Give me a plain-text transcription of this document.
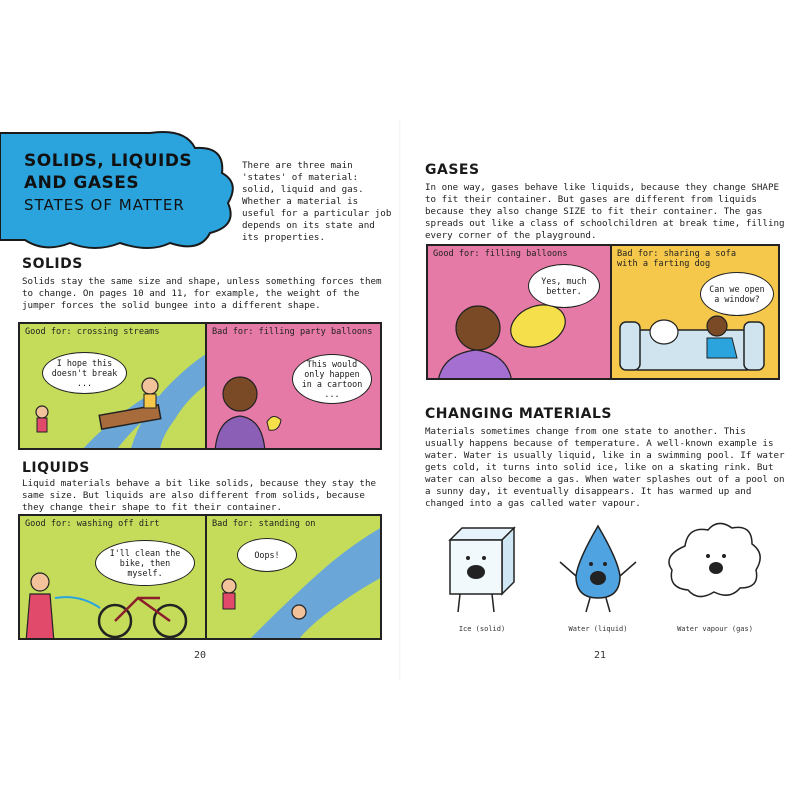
SOLIDS, LIQUIDS
AND GASES
STATES OF MATTER
There are three main 'states' of material: solid, liquid and gas. Whether a material is useful for a particular job depends on its state and its properties.
SOLIDS
Solids stay the same size and shape, unless something forces them to change. On pages 10 and 11, for example, the weight of the jumper forces the solid bungee into a different shape.
Good for: crossing streams
I hope this doesn't break ...
Bad for: filling party balloons
This would only happen in a cartoon ...
LIQUIDS
Liquid materials behave a bit like solids, because they stay the same size. But liquids are also different from solids, because they change their shape to fit their container.
Good for: washing off dirt
I'll clean the bike, then myself.
Bad for: standing on
Oops!
20
GASES
In one way, gases behave like liquids, because they change SHAPE to fit their container. But gases are different from liquids because they also change SIZE to fit their container. The gas spreads out like a class of schoolchildren at break time, filling every corner of the playground.
Good for: filling balloons
Yes, much better.
Bad for: sharing a sofa with a farting dog
Can we open a window?
CHANGING MATERIALS
Materials sometimes change from one state to another. This usually happens because of temperature. A well-known example is water. Water is usually liquid, like in a swimming pool. If water gets cold, it turns into solid ice, like on a skating rink. But water can also become a gas. When water splashes out of a pool on a sunny day, it eventually disappears. It has warmed up and changed into a gas called water vapour.
Ice (solid)	Water (liquid)	Water vapour (gas)
21
